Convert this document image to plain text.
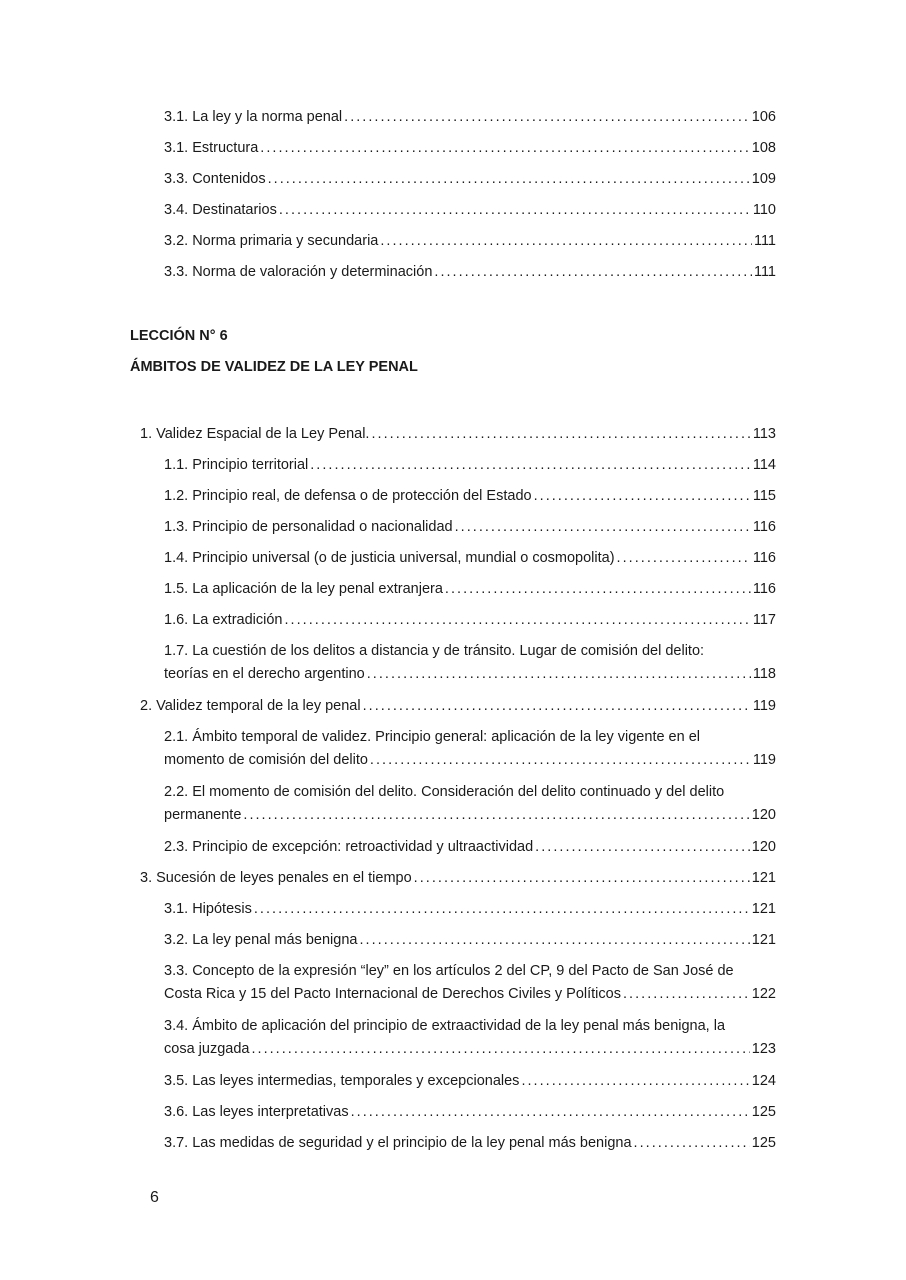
3.1. La ley y la norma penal . . .	106
3.1. Estructura . . .	108
3.3. Contenidos . . .	109
3.4. Destinatarios . . .	110
3.2. Norma primaria y secundaria . . .	111
3.3. Norma de valoración y determinación . . .	111
LECCIÓN N° 6
ÁMBITOS DE VALIDEZ DE LA LEY PENAL
1. Validez Espacial de la Ley Penal. . . .	113
1.1. Principio territorial . . .	114
1.2. Principio real, de defensa o de protección del Estado . . .	115
1.3. Principio de personalidad o nacionalidad . . .	116
1.4. Principio universal (o de justicia universal, mundial o cosmopolita) . . .	116
1.5. La aplicación de la ley penal extranjera . . .	116
1.6. La extradición . . .	117
1.7. La cuestión de los delitos a distancia y de tránsito. Lugar de comisión del delito:
teorías en el derecho argentino . . .	118
2. Validez temporal de la ley penal . . .	119
2.1. Ámbito temporal de validez. Principio general: aplicación de la ley vigente en el
momento de comisión del delito . . .	119
2.2. El momento de comisión del delito. Consideración del delito continuado y del delito
permanente . . .	120
2.3. Principio de excepción: retroactividad y ultraactividad . . .	120
3. Sucesión de leyes penales en el tiempo . . .	121
3.1. Hipótesis . . .	121
3.2. La ley penal más benigna . . .	121
3.3. Concepto de la expresión “ley” en los artículos 2 del CP, 9 del Pacto de San José de
Costa Rica y 15 del Pacto Internacional de Derechos Civiles y Políticos . . .	122
3.4. Ámbito de aplicación del principio de extraactividad de la ley penal más benigna, la
cosa juzgada . . .	123
3.5. Las leyes intermedias, temporales y excepcionales . . .	124
3.6. Las leyes interpretativas . . .	125
3.7. Las medidas de seguridad y el principio de la ley penal más benigna . . .	125
6
